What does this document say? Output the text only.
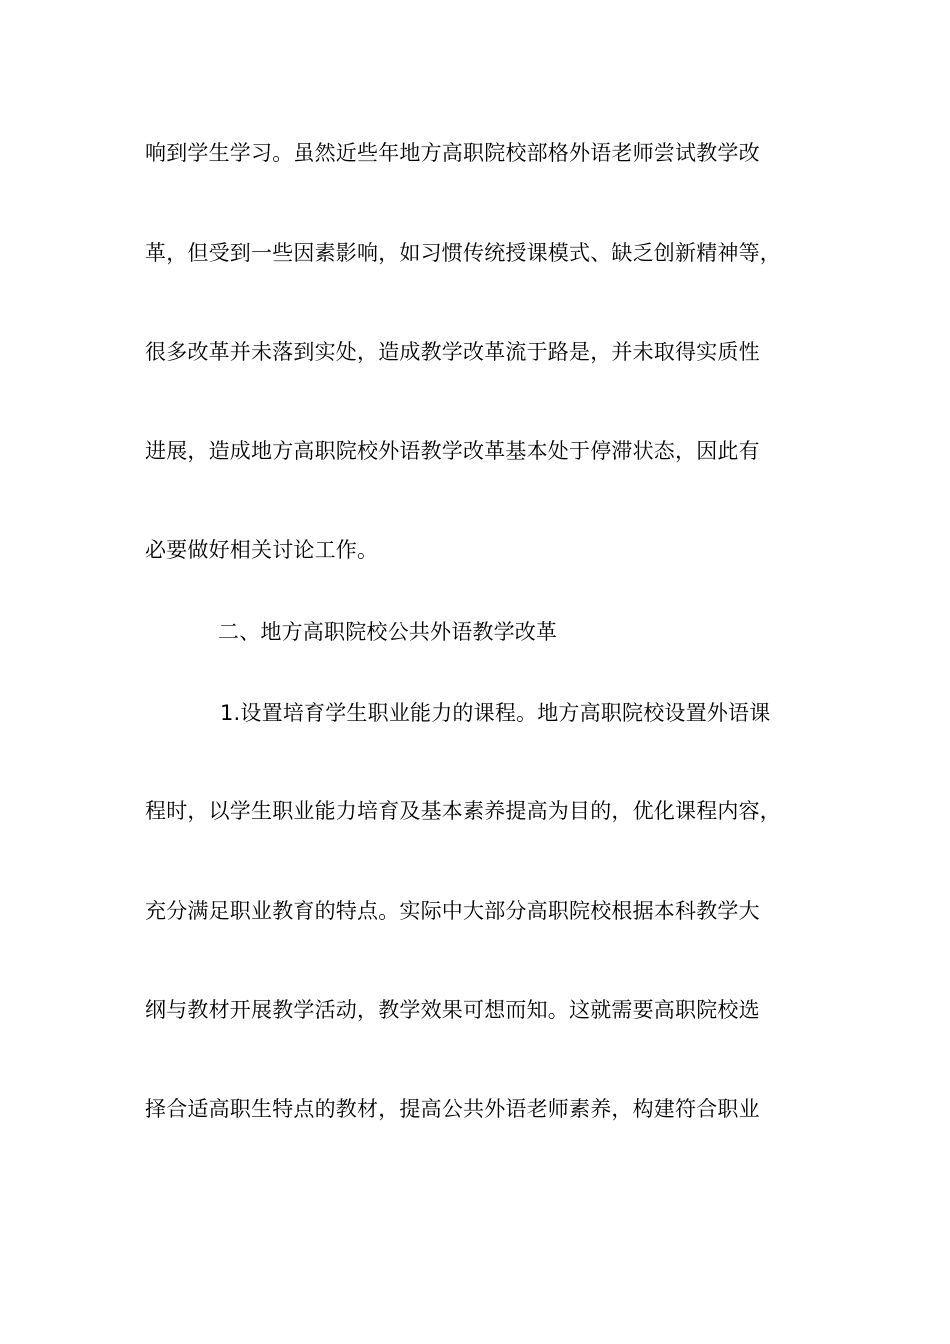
响到学生学习。虽然近些年地方高职院校部格外语老师尝试教学改
革，但受到一些因素影响，如习惯传统授课模式、缺乏创新精神等，
很多改革并未落到实处，造成教学改革流于路是，并未取得实质性
进展，造成地方高职院校外语教学改革基本处于停滞状态，因此有
必要做好相关讨论工作。
二、地方高职院校公共外语教学改革
1.设置培育学生职业能力的课程。地方高职院校设置外语课
程时，以学生职业能力培育及基本素养提高为目的，优化课程内容，
充分满足职业教育的特点。实际中大部分高职院校根据本科教学大
纲与教材开展教学活动，教学效果可想而知。这就需要高职院校选
择合适高职生特点的教材，提高公共外语老师素养，构建符合职业
